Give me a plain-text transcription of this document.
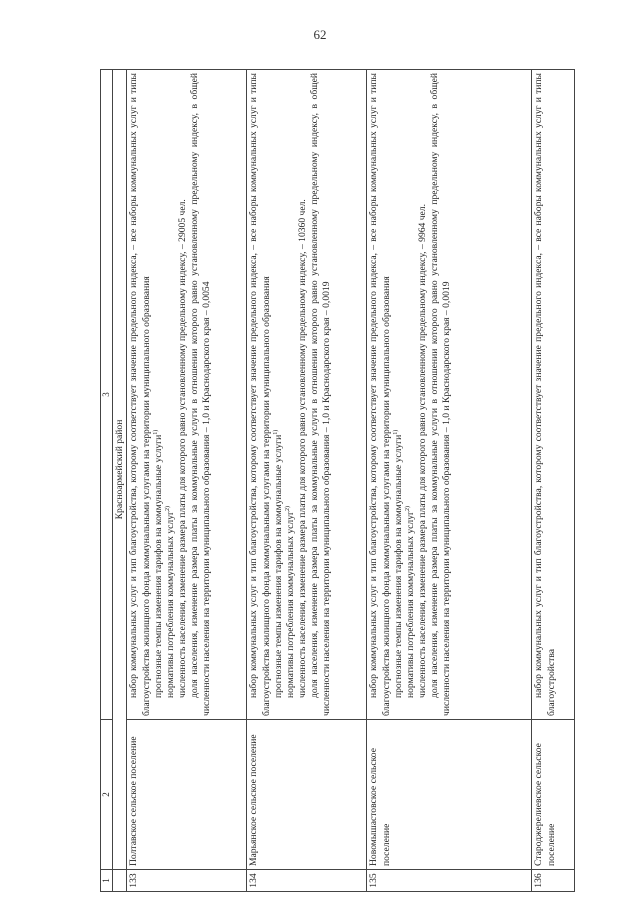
62
1	2	3
	Красноармейский район	
133	Полтавское сельское поселение	набор коммунальных услуг и тип благоустройства, которому соответствует значение предельного индекса, – все наборы коммунальных услуг и типы благоустройства жилищного фонда коммунальными услугами на территории муниципального образования прогнозные темпы изменения тарифов на коммунальные услуги$^{1)}$

нормативы потребления коммунальных услуг$^{2)}$ численность населения, изменение размера платы для которого равно установленному предельному индексу, – 29005 чел. доля населения, изменение размера платы за коммунальные услуги в отношении которого равно установленному предельному индексу, в общей численности населения на территории муниципального образования – 1,0 и Краснодарского края – 0,0054

134	Марьянское сельское поселение	набор коммунальных услуг и тип благоустройства, которому соответствует значение предельного индекса, – все наборы коммунальных услуг и типы благоустройства жилищного фонда коммунальными услугами на территории муниципального образования прогнозные темпы изменения тарифов на коммунальные услуги$^{1)}$

нормативы потребления коммунальных услуг$^{2)}$ численность населения, изменение размера платы для которого равно установленному предельному индексу, – 10360 чел. доля населения, изменение размера платы за коммунальные услуги в отношении которого равно установленному предельному индексу, в общей численности населения на территории муниципального образования – 1,0 и Краснодарского края – 0,0019

135	Новомышастовское сельское поселение	набор коммунальных услуг и тип благоустройства, которому соответствует значение предельного индекса, – все наборы коммунальных услуг и типы благоустройства жилищного фонда коммунальными услугами на территории муниципального образования прогнозные темпы изменения тарифов на коммунальные услуги$^{1)}$

нормативы потребления коммунальных услуг$^{2)}$ численность населения, изменение размера платы для которого равно установленному предельному индексу, – 9964 чел. доля населения, изменение размера платы за коммунальные услуги в отношении которого равно установленному предельному индексу, в общей численности населения на территории муниципального образования – 1,0 и Краснодарского края – 0,0019

136	Староджерелиевское сельское поселение	набор коммунальных услуг и тип благоустройства, которому соответствует значение предельного индекса, – все наборы коммунальных услуг и типы благоустройства
